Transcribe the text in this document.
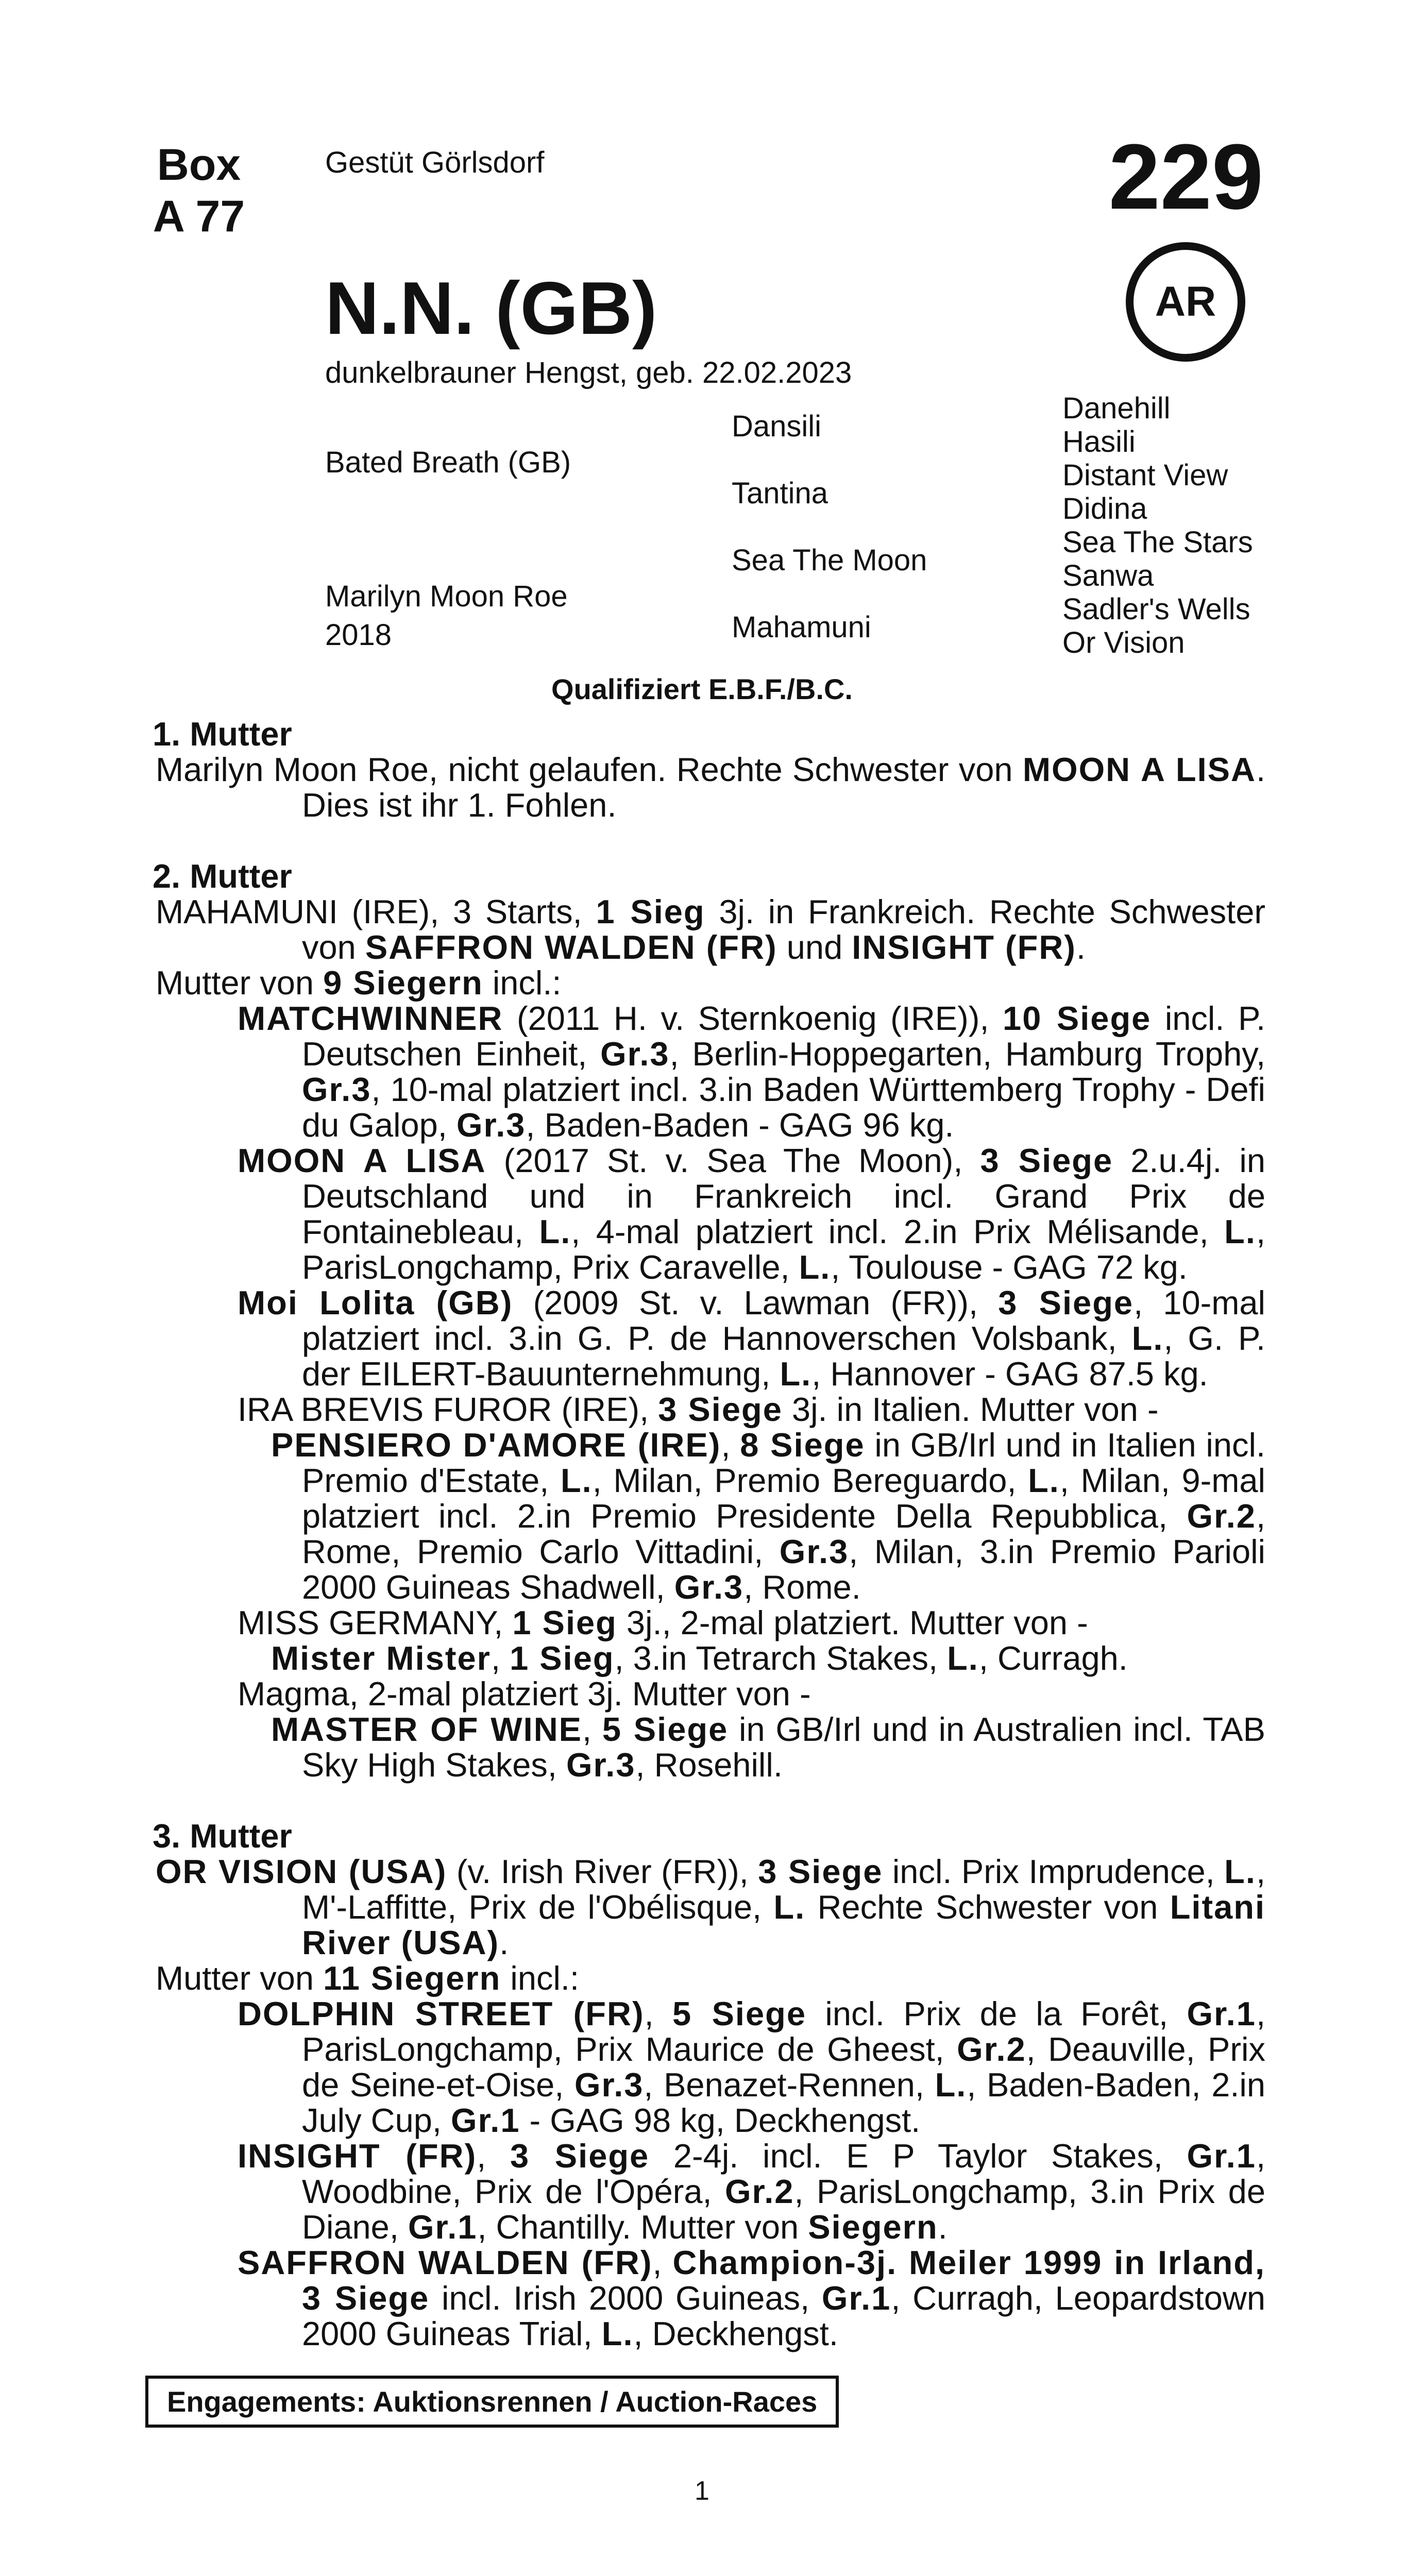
Box
A 77
Gestüt Görlsdorf	229
AR
N.N. (GB)
dunkelbrauner Hengst, geb. 22.02.2023
Bated Breath (GB)
Marilyn Moon Roe
2018
Dansili
Tantina
Sea The Moon
Mahamuni
Danehill
Hasili
Distant View
Didina
Sea The Stars
Sanwa
Sadler's Wells
Or Vision
Qualifiziert E.B.F./B.C.
1. Mutter

Marilyn Moon Roe, nicht gelaufen. Rechte Schwester von MOON A LISA. Dies ist ihr 1. Fohlen.

2. Mutter

MAHAMUNI (IRE), 3 Starts, 1 Sieg 3j. in Frankreich. Rechte Schwester von SAFFRON WALDEN (FR) und INSIGHT (FR).

Mutter von 9 Siegern incl.:

MATCHWINNER (2011 H. v. Sternkoenig (IRE)), 10 Siege incl. P. Deutschen Einheit, Gr.3, Berlin-Hoppegarten, Hamburg Trophy, Gr.3, 10-mal platziert incl. 3.in Baden Württemberg Trophy - Defi du Galop, Gr.3, Baden-Baden - GAG 96 kg.

MOON A LISA (2017 St. v. Sea The Moon), 3 Siege 2.u.4j. in Deutschland und in Frankreich incl. Grand Prix de Fontainebleau, L., 4-mal platziert incl. 2.in Prix Mélisande, L., ParisLongchamp, Prix Caravelle, L., Toulouse - GAG 72 kg.

Moi Lolita (GB) (2009 St. v. Lawman (FR)), 3 Siege, 10-mal platziert incl. 3.in G. P. de Hannoverschen Volsbank, L., G. P. der EILERT-Bauunternehmung, L., Hannover - GAG 87.5 kg.

IRA BREVIS FUROR (IRE), 3 Siege 3j. in Italien. Mutter von -

PENSIERO D'AMORE (IRE), 8 Siege in GB/Irl und in Italien incl. Premio d'Estate, L., Milan, Premio Bereguardo, L., Milan, 9-mal platziert incl. 2.in Premio Presidente Della Repubblica, Gr.2, Rome, Premio Carlo Vittadini, Gr.3, Milan, 3.in Premio Parioli 2000 Guineas Shadwell, Gr.3, Rome.

MISS GERMANY, 1 Sieg 3j., 2-mal platziert. Mutter von -

Mister Mister, 1 Sieg, 3.in Tetrarch Stakes, L., Curragh.

Magma, 2-mal platziert 3j. Mutter von -

MASTER OF WINE, 5 Siege in GB/Irl und in Australien incl. TAB Sky High Stakes, Gr.3, Rosehill.

3. Mutter

OR VISION (USA) (v. Irish River (FR)), 3 Siege incl. Prix Imprudence, L., M'-Laffitte, Prix de l'Obélisque, L. Rechte Schwester von Litani River (USA).

Mutter von 11 Siegern incl.:

DOLPHIN STREET (FR), 5 Siege incl. Prix de la Forêt, Gr.1, ParisLongchamp, Prix Maurice de Gheest, Gr.2, Deauville, Prix de Seine-et-Oise, Gr.3, Benazet-Rennen, L., Baden-Baden, 2.in July Cup, Gr.1 - GAG 98 kg, Deckhengst.

INSIGHT (FR), 3 Siege 2-4j. incl. E P Taylor Stakes, Gr.1, Woodbine, Prix de l'Opéra, Gr.2, ParisLongchamp, 3.in Prix de Diane, Gr.1, Chantilly. Mutter von Siegern.

SAFFRON WALDEN (FR), Champion-3j. Meiler 1999 in Irland, 3 Siege incl. Irish 2000 Guineas, Gr.1, Curragh, Leopardstown 2000 Guineas Trial, L., Deckhengst.

Engagements: Auktionsrennen / Auction-Races
1
